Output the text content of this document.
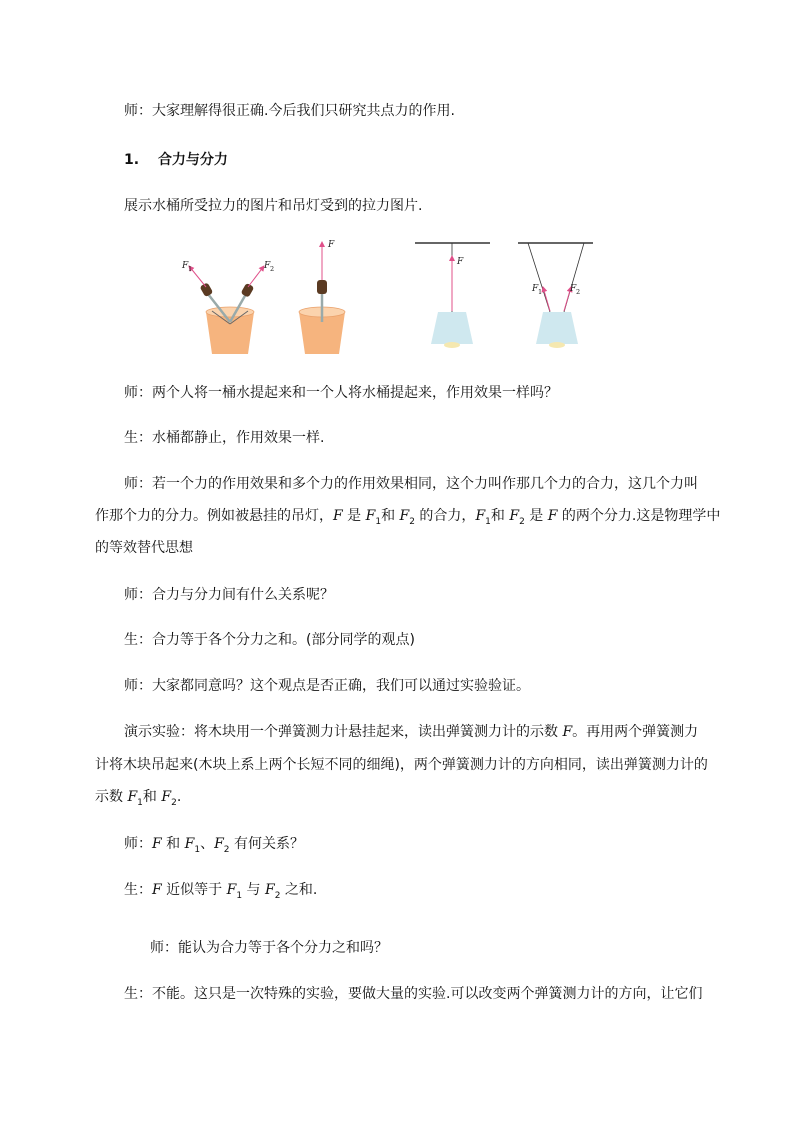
师：大家理解得很正确.今后我们只研究共点力的作用.
1. 合力与分力
展示水桶所受拉力的图片和吊灯受到的拉力图片.
F 1	F 2
F
F
F 1	F 2
师：两个人将一桶水提起来和一个人将水桶提起来，作用效果一样吗？
生：水桶都静止，作用效果一样.
师：若一个力的作用效果和多个力的作用效果相同，这个力叫作那几个力的合力，这几个力叫
作那个力的分力。例如被悬挂的吊灯，F 是 $F_1$和 $F_2$ 的合力，$F_1$和 $F_2$ 是 F 的两个分力.这是物理学中
的等效替代思想
师：合力与分力间有什么关系呢？
生：合力等于各个分力之和。(部分同学的观点)
师：大家都同意吗？这个观点是否正确，我们可以通过实验验证。
演示实验：将木块用一个弹簧测力计悬挂起来，读出弹簧测力计的示数 F。再用两个弹簧测力
计将木块吊起来(木块上系上两个长短不同的细绳)，两个弹簧测力计的方向相同，读出弹簧测力计的
示数 $F_1$和 $F_2$.
师：F 和 $F_1$、$F_2$ 有何关系？
生：F 近似等于 $F_1$ 与 $F_2$ 之和.
师：能认为合力等于各个分力之和吗？
生：不能。这只是一次特殊的实验，要做大量的实验.可以改变两个弹簧测力计的方向，让它们
